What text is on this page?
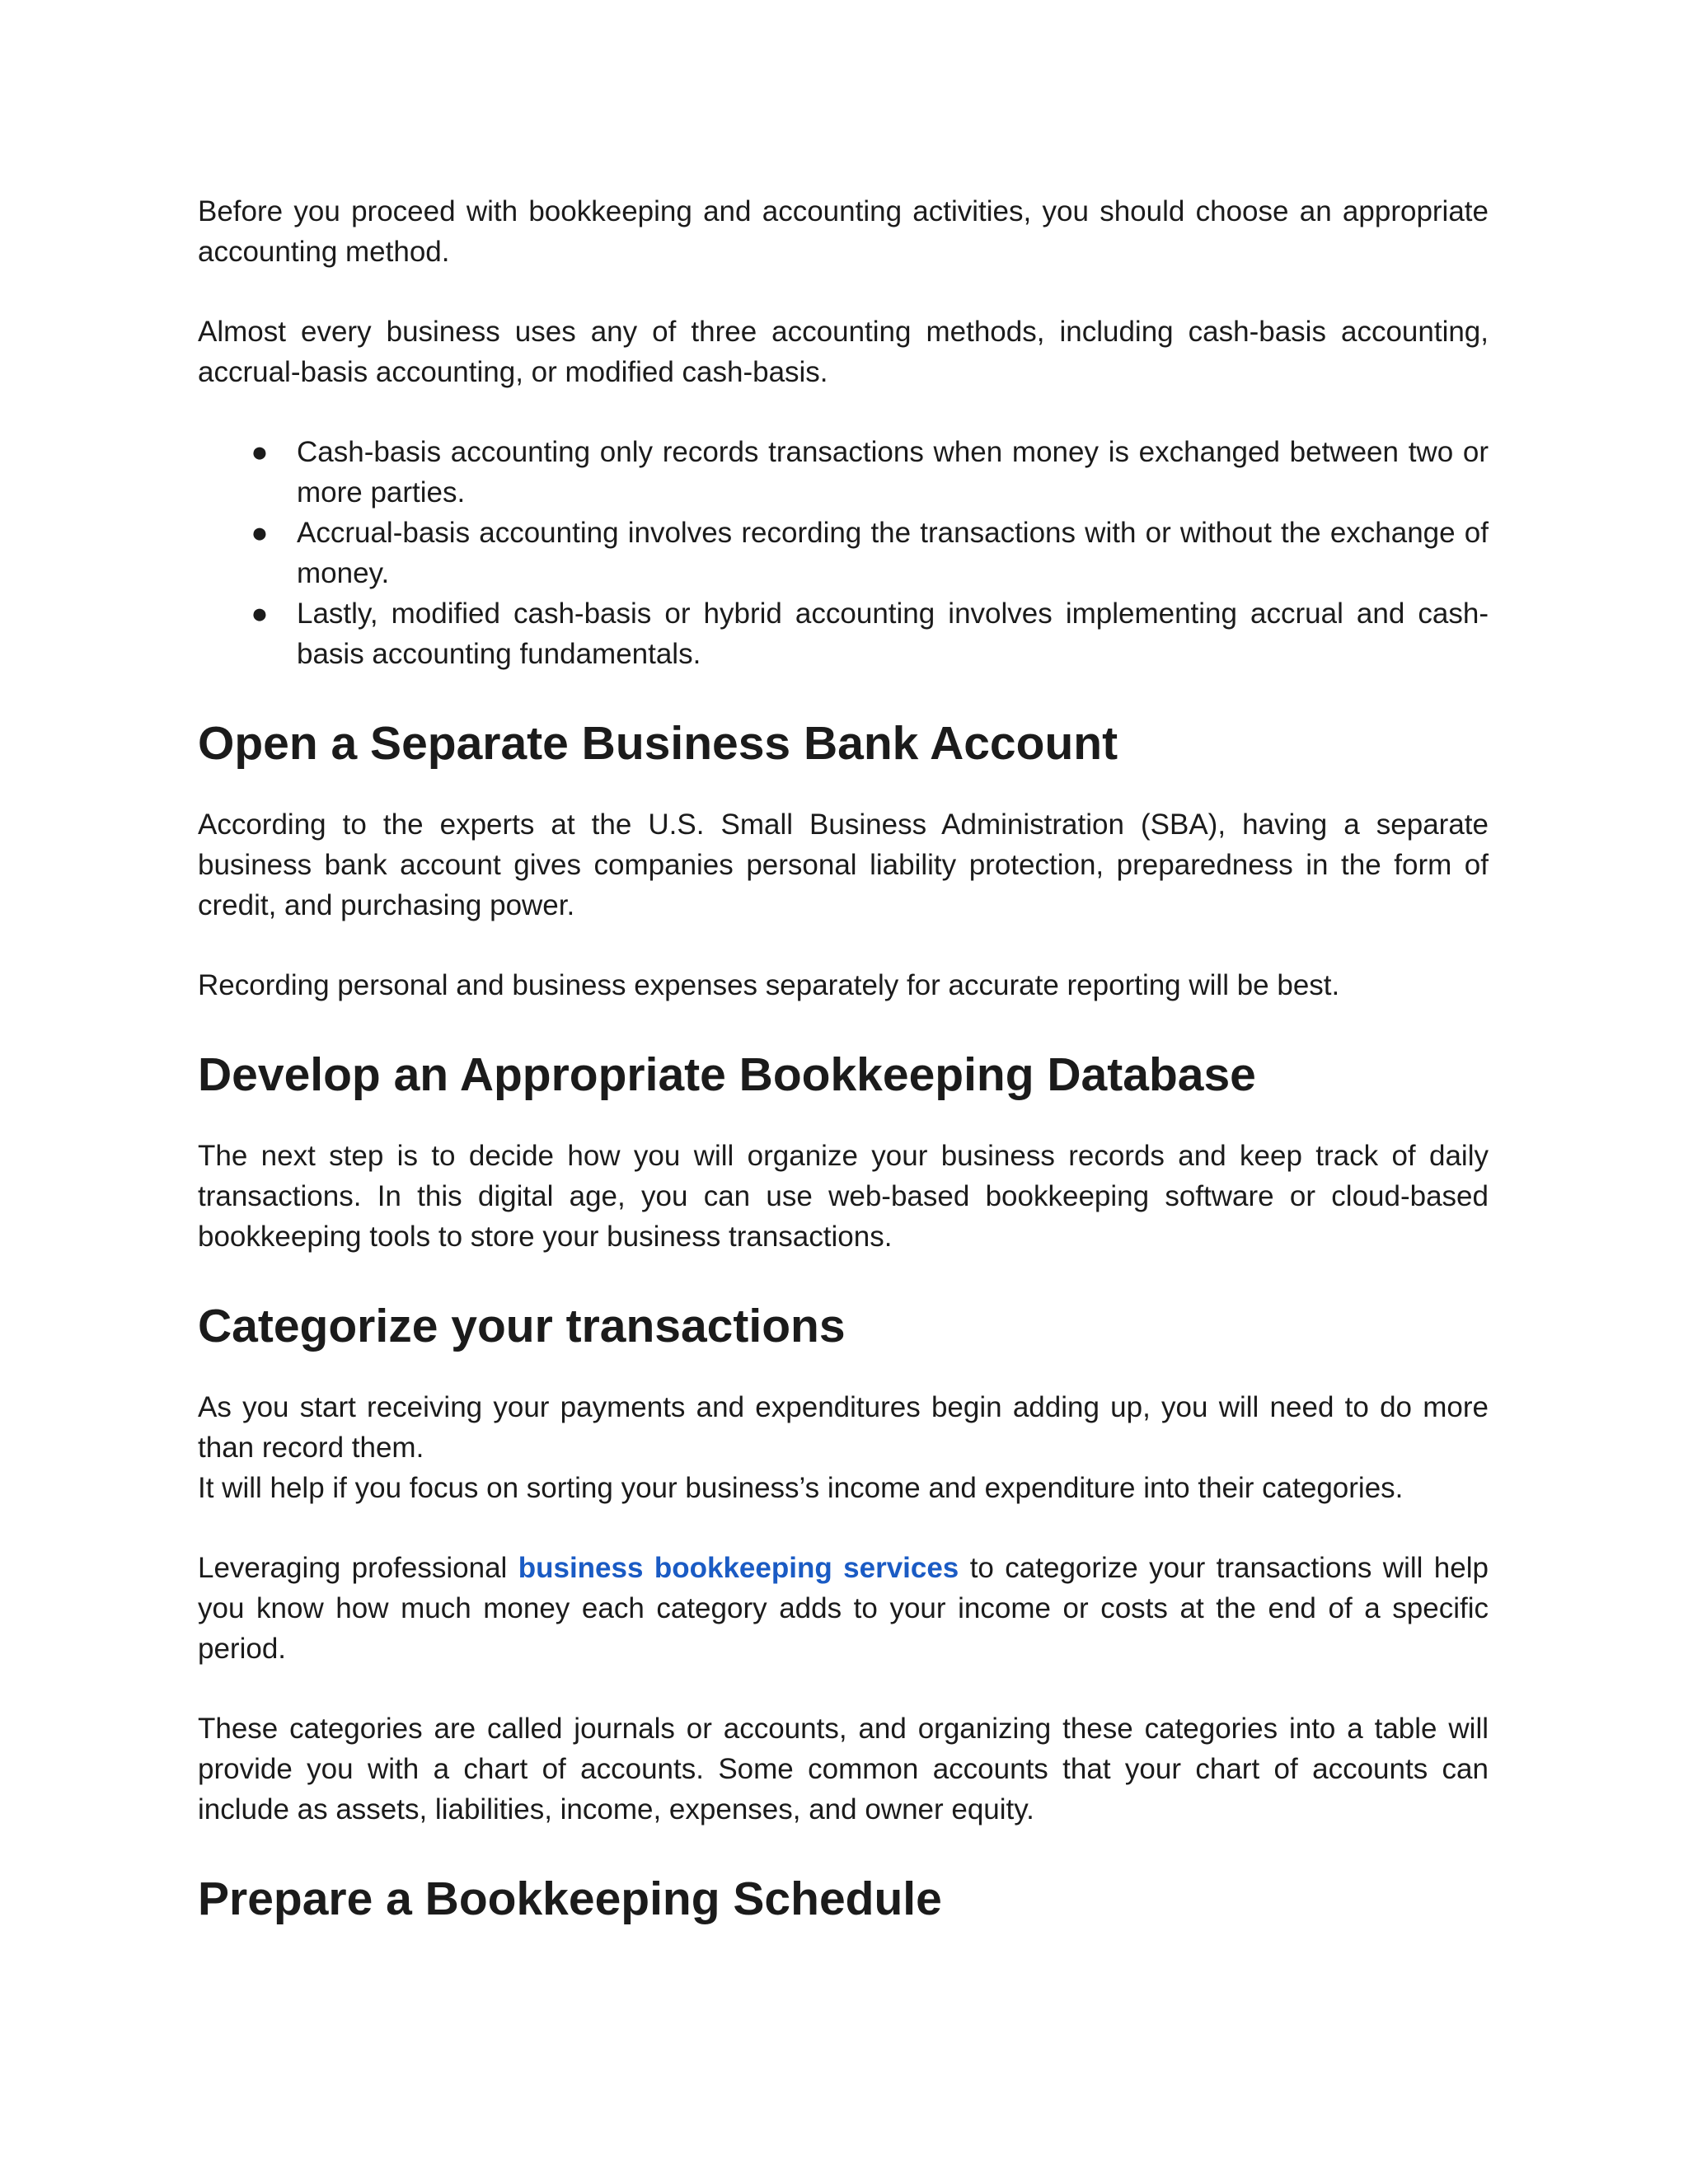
Before you proceed with bookkeeping and accounting activities, you should choose an appropriate accounting method.

Almost every business uses any of three accounting methods, including cash-basis accounting, accrual-basis accounting, or modified cash-basis.

● Cash-basis accounting only records transactions when money is exchanged between two or more parties.
● Accrual-basis accounting involves recording the transactions with or without the exchange of money.
● Lastly, modified cash-basis or hybrid accounting involves implementing accrual and cash-basis accounting fundamentals.
Open a Separate Business Bank Account

According to the experts at the U.S. Small Business Administration (SBA), having a separate business bank account gives companies personal liability protection, preparedness in the form of credit, and purchasing power.

Recording personal and business expenses separately for accurate reporting will be best.

Develop an Appropriate Bookkeeping Database

The next step is to decide how you will organize your business records and keep track of daily transactions. In this digital age, you can use web-based bookkeeping software or cloud-based bookkeeping tools to store your business transactions.

Categorize your transactions

As you start receiving your payments and expenditures begin adding up, you will need to do more than record them.

It will help if you focus on sorting your business’s income and expenditure into their categories.

Leveraging professional business bookkeeping services to categorize your transactions will help you know how much money each category adds to your income or costs at the end of a specific period.

These categories are called journals or accounts, and organizing these categories into a table will provide you with a chart of accounts. Some common accounts that your chart of accounts can include as assets, liabilities, income, expenses, and owner equity.

Prepare a Bookkeeping Schedule
